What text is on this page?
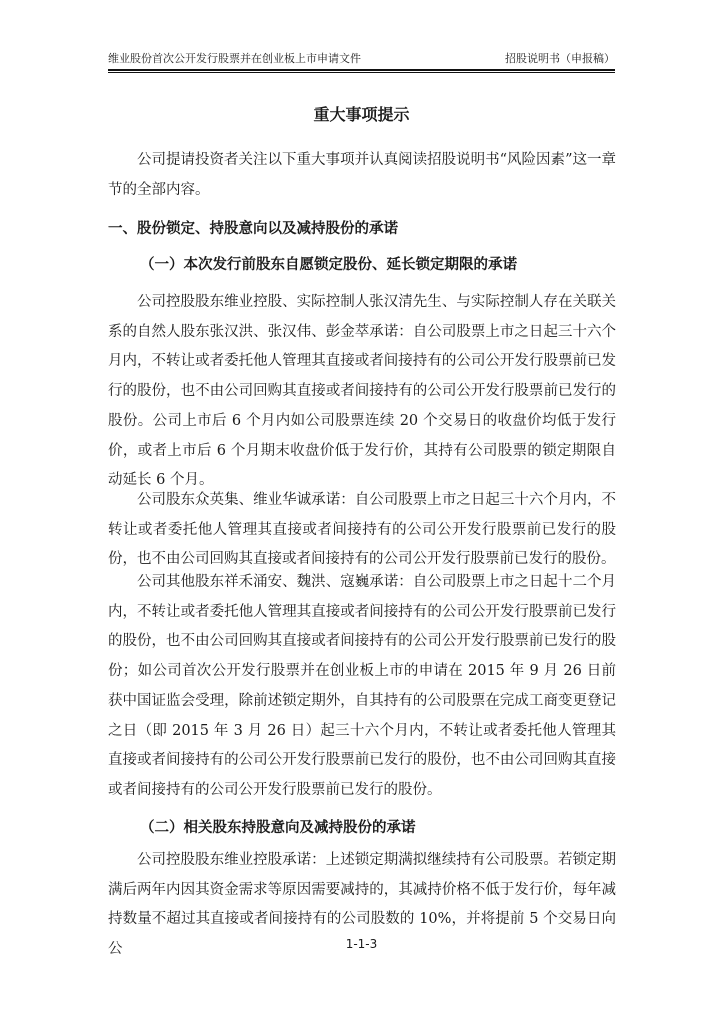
维业股份首次公开发行股票并在创业板上市申请文件	招股说明书（申报稿）
重大事项提示

公司提请投资者关注以下重大事项并认真阅读招股说明书“风险因素”这一章节的全部内容。

一、股份锁定、持股意向以及减持股份的承诺
（一）本次发行前股东自愿锁定股份、延长锁定期限的承诺

公司控股股东维业控股、实际控制人张汉清先生、与实际控制人存在关联关系的自然人股东张汉洪、张汉伟、彭金萃承诺：自公司股票上市之日起三十六个月内，不转让或者委托他人管理其直接或者间接持有的公司公开发行股票前已发行的股份，也不由公司回购其直接或者间接持有的公司公开发行股票前已发行的股份。公司上市后 6 个月内如公司股票连续 20 个交易日的收盘价均低于发行价，或者上市后 6 个月期末收盘价低于发行价，其持有公司股票的锁定期限自动延长 6 个月。

公司股东众英集、维业华诚承诺：自公司股票上市之日起三十六个月内，不转让或者委托他人管理其直接或者间接持有的公司公开发行股票前已发行的股份，也不由公司回购其直接或者间接持有的公司公开发行股票前已发行的股份。

公司其他股东祥禾涌安、魏洪、寇巍承诺：自公司股票上市之日起十二个月内，不转让或者委托他人管理其直接或者间接持有的公司公开发行股票前已发行的股份，也不由公司回购其直接或者间接持有的公司公开发行股票前已发行的股份；如公司首次公开发行股票并在创业板上市的申请在 2015 年 9 月 26 日前获中国证监会受理，除前述锁定期外，自其持有的公司股票在完成工商变更登记之日（即 2015 年 3 月 26 日）起三十六个月内，不转让或者委托他人管理其直接或者间接持有的公司公开发行股票前已发行的股份，也不由公司回购其直接或者间接持有的公司公开发行股票前已发行的股份。

（二）相关股东持股意向及减持股份的承诺

公司控股股东维业控股承诺：上述锁定期满拟继续持有公司股票。若锁定期满后两年内因其资金需求等原因需要减持的，其减持价格不低于发行价，每年减持数量不超过其直接或者间接持有的公司股数的 10%，并将提前 5 个交易日向公	1-1-3
